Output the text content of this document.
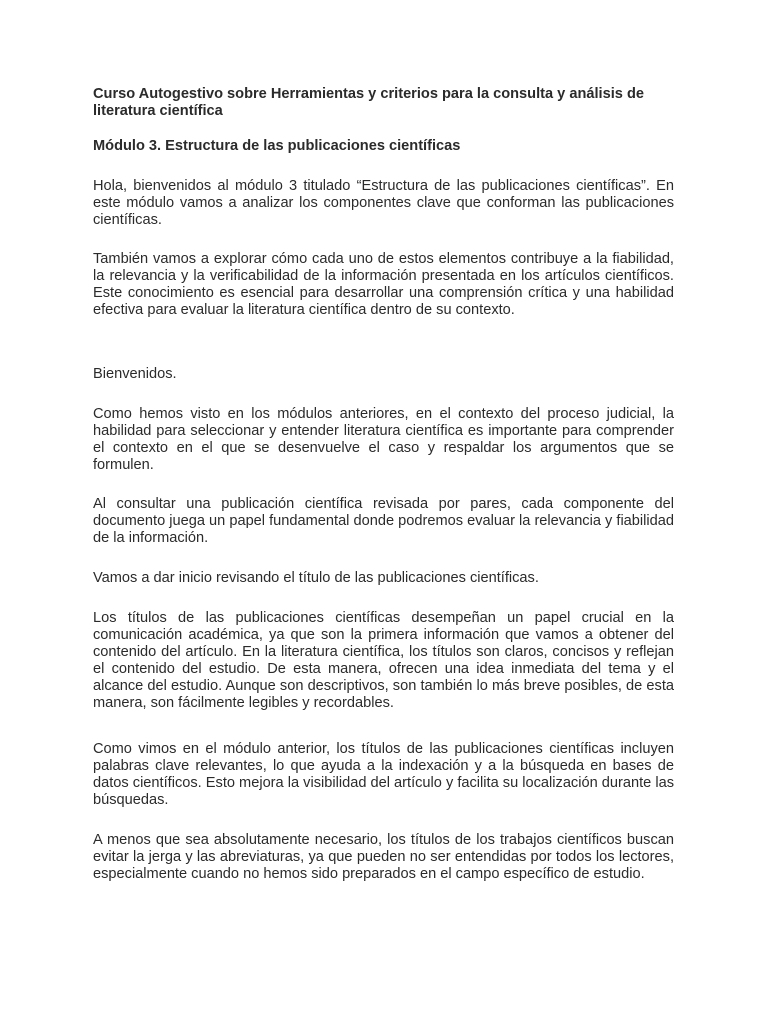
Curso Autogestivo sobre Herramientas y criterios para la consulta y análisis de literatura científica

Módulo 3. Estructura de las publicaciones científicas

Hola, bienvenidos al módulo 3 titulado “Estructura de las publicaciones científicas”. En este módulo vamos a analizar los componentes clave que conforman las publicaciones científicas.

También vamos a explorar cómo cada uno de estos elementos contribuye a la fiabilidad, la relevancia y la verificabilidad de la información presentada en los artículos científicos. Este conocimiento es esencial para desarrollar una comprensión crítica y una habilidad efectiva para evaluar la literatura científica dentro de su contexto.

Bienvenidos.

Como hemos visto en los módulos anteriores, en el contexto del proceso judicial, la habilidad para seleccionar y entender literatura científica es importante para comprender el contexto en el que se desenvuelve el caso y respaldar los argumentos que se formulen.

Al consultar una publicación científica revisada por pares, cada componente del documento juega un papel fundamental donde podremos evaluar la relevancia y fiabilidad de la información.

Vamos a dar inicio revisando el título de las publicaciones científicas.

Los títulos de las publicaciones científicas desempeñan un papel crucial en la comunicación académica, ya que son la primera información que vamos a obtener del contenido del artículo. En la literatura científica, los títulos son claros, concisos y reflejan el contenido del estudio. De esta manera, ofrecen una idea inmediata del tema y el alcance del estudio. Aunque son descriptivos, son también lo más breve posibles, de esta manera, son fácilmente legibles y recordables.

Como vimos en el módulo anterior, los títulos de las publicaciones científicas incluyen palabras clave relevantes, lo que ayuda a la indexación y a la búsqueda en bases de datos científicos. Esto mejora la visibilidad del artículo y facilita su localización durante las búsquedas.

A menos que sea absolutamente necesario, los títulos de los trabajos científicos buscan evitar la jerga y las abreviaturas, ya que pueden no ser entendidas por todos los lectores, especialmente cuando no hemos sido preparados en el campo específico de estudio.
